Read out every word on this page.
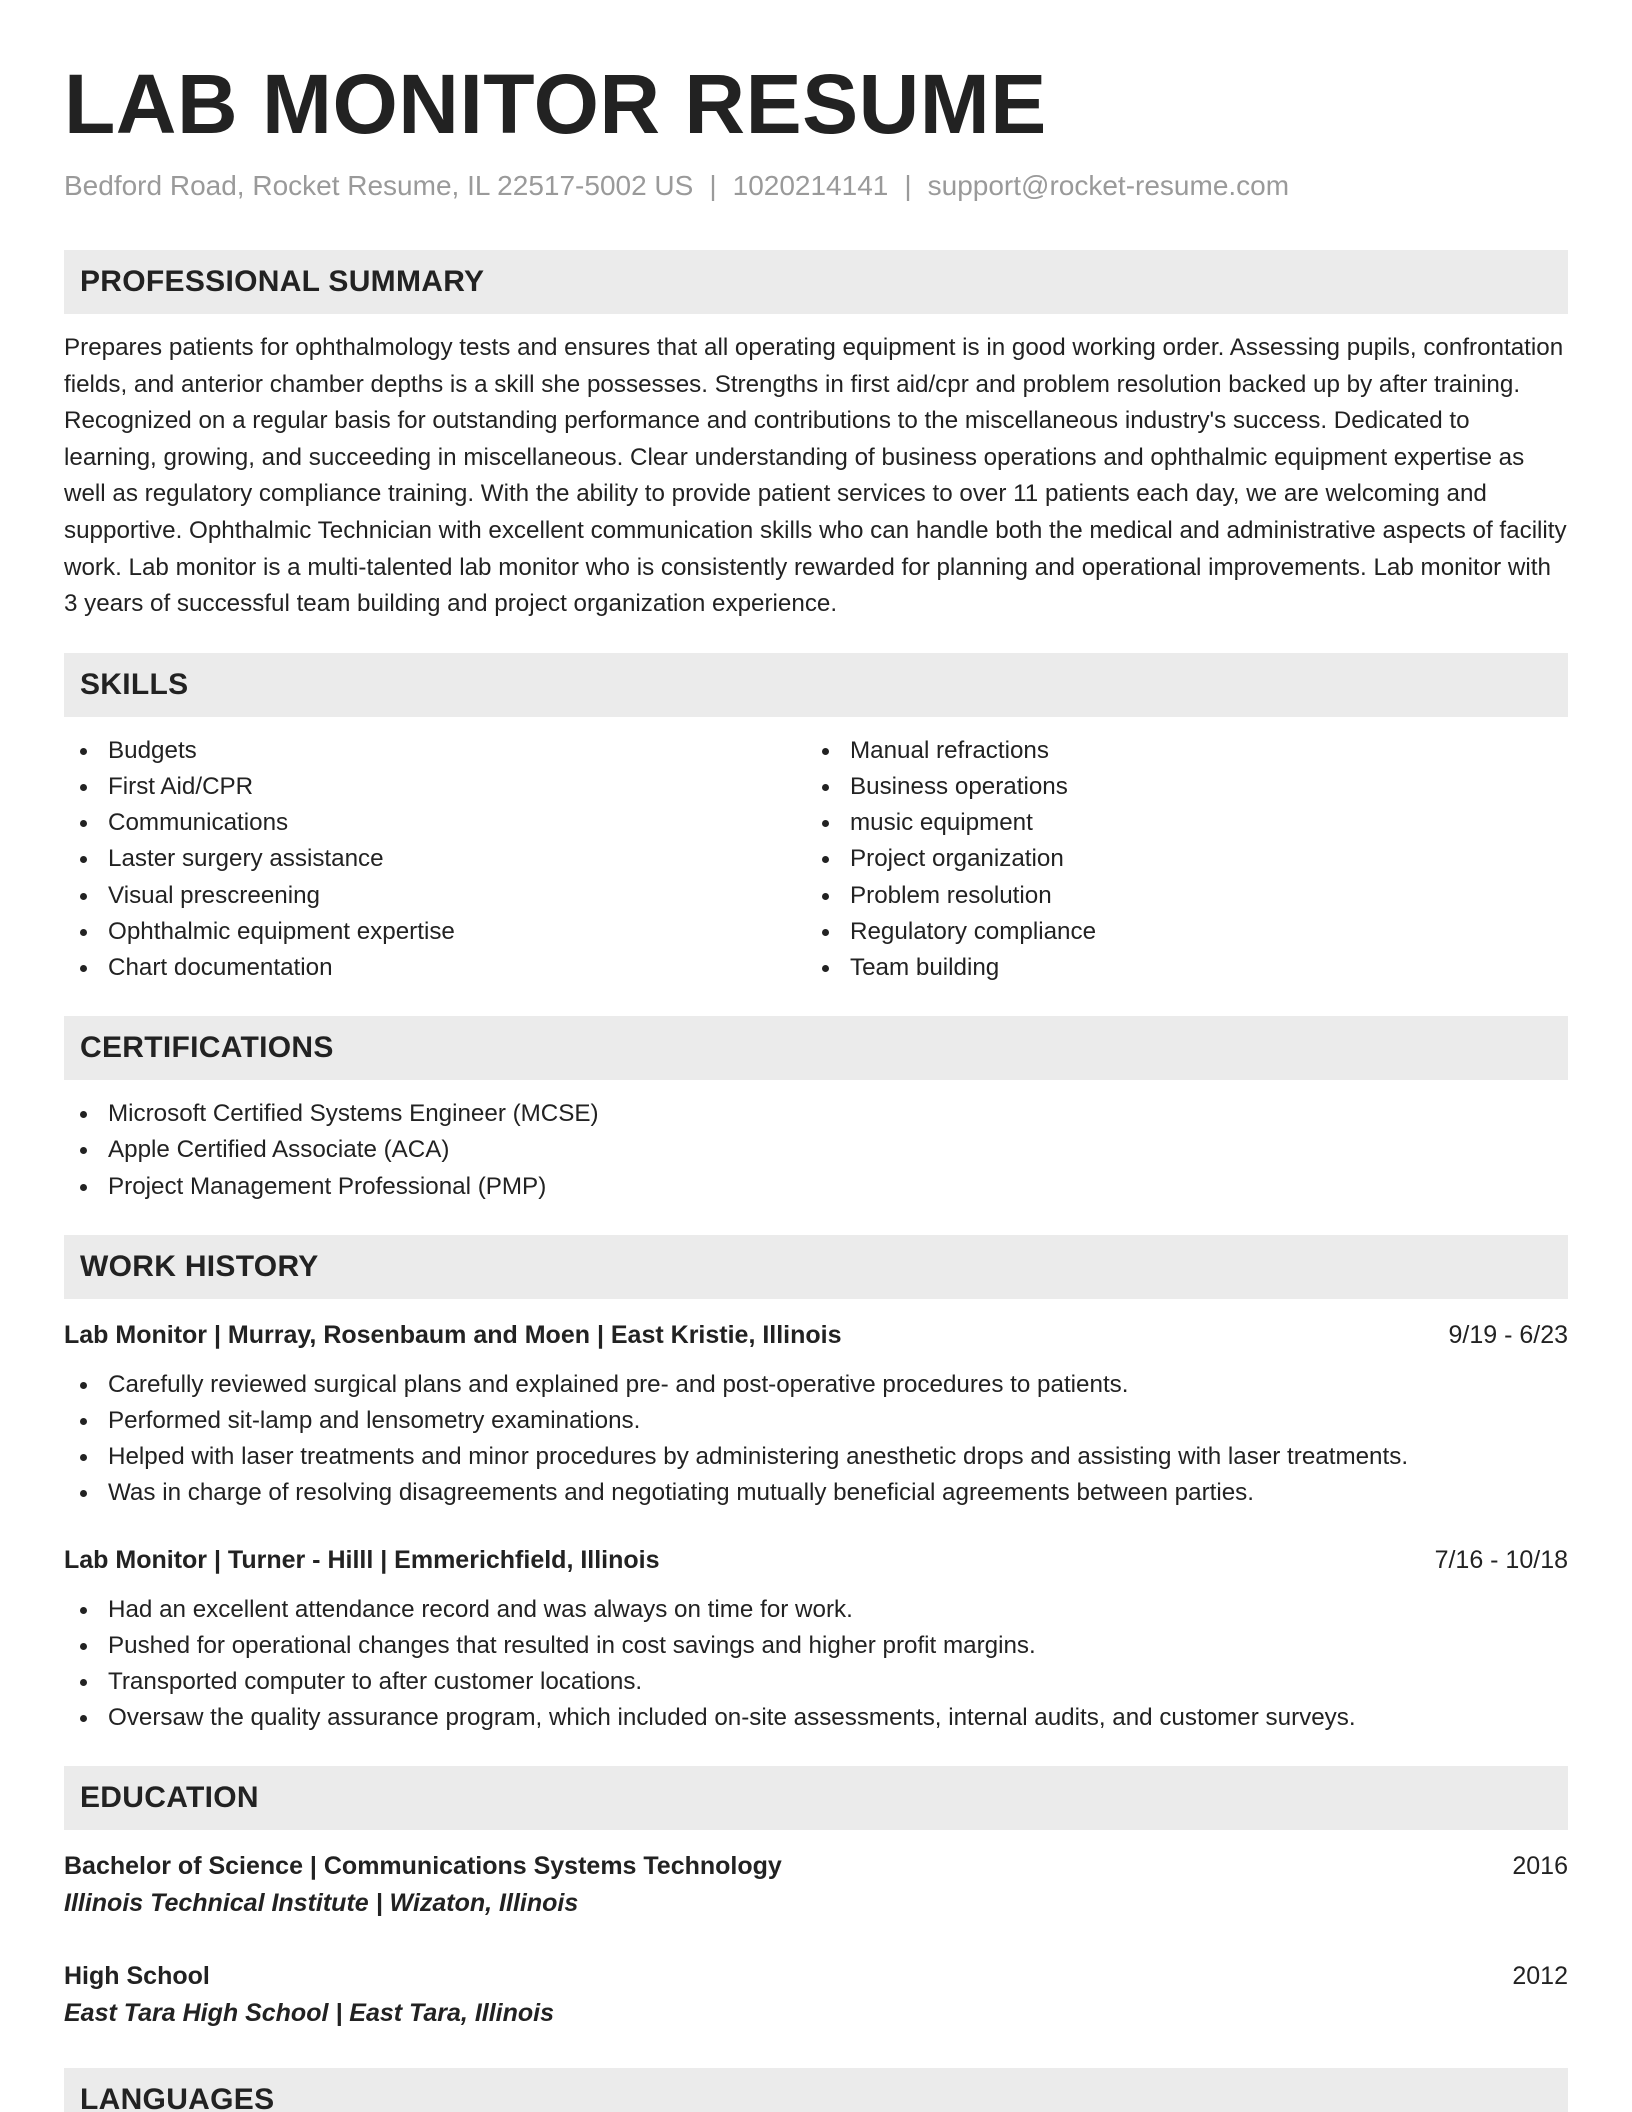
LAB MONITOR RESUME
Bedford Road, Rocket Resume, IL 22517-5002 US | 1020214141 | support@rocket-resume.com
PROFESSIONAL SUMMARY

Prepares patients for ophthalmology tests and ensures that all operating equipment is in good working order. Assessing pupils, confrontation fields, and anterior chamber depths is a skill she possesses. Strengths in first aid/cpr and problem resolution backed up by after training. Recognized on a regular basis for outstanding performance and contributions to the miscellaneous industry's success. Dedicated to learning, growing, and succeeding in miscellaneous. Clear understanding of business operations and ophthalmic equipment expertise as well as regulatory compliance training. With the ability to provide patient services to over 11 patients each day, we are welcoming and supportive. Ophthalmic Technician with excellent communication skills who can handle both the medical and administrative aspects of facility work. Lab monitor is a multi-talented lab monitor who is consistently rewarded for planning and operational improvements. Lab monitor with 3 years of successful team building and project organization experience.

SKILLS
Budgets
First Aid/CPR
Communications
Laster surgery assistance
Visual prescreening
Ophthalmic equipment expertise
Chart documentation
Manual refractions
Business operations
music equipment
Project organization
Problem resolution
Regulatory compliance
Team building
CERTIFICATIONS
Microsoft Certified Systems Engineer (MCSE)
Apple Certified Associate (ACA)
Project Management Professional (PMP)
WORK HISTORY
Lab Monitor | Murray, Rosenbaum and Moen | East Kristie, Illinois	9/19 - 6/23
Carefully reviewed surgical plans and explained pre- and post-operative procedures to patients.
Performed sit-lamp and lensometry examinations.
Helped with laser treatments and minor procedures by administering anesthetic drops and assisting with laser treatments.
Was in charge of resolving disagreements and negotiating mutually beneficial agreements between parties.
Lab Monitor | Turner - Hilll | Emmerichfield, Illinois	7/16 - 10/18
Had an excellent attendance record and was always on time for work.
Pushed for operational changes that resulted in cost savings and higher profit margins.
Transported computer to after customer locations.
Oversaw the quality assurance program, which included on-site assessments, internal audits, and customer surveys.
EDUCATION
Bachelor of Science | Communications Systems Technology	2016
Illinois Technical Institute | Wizaton, Illinois
High School	2012
East Tara High School | East Tara, Illinois
LANGUAGES
